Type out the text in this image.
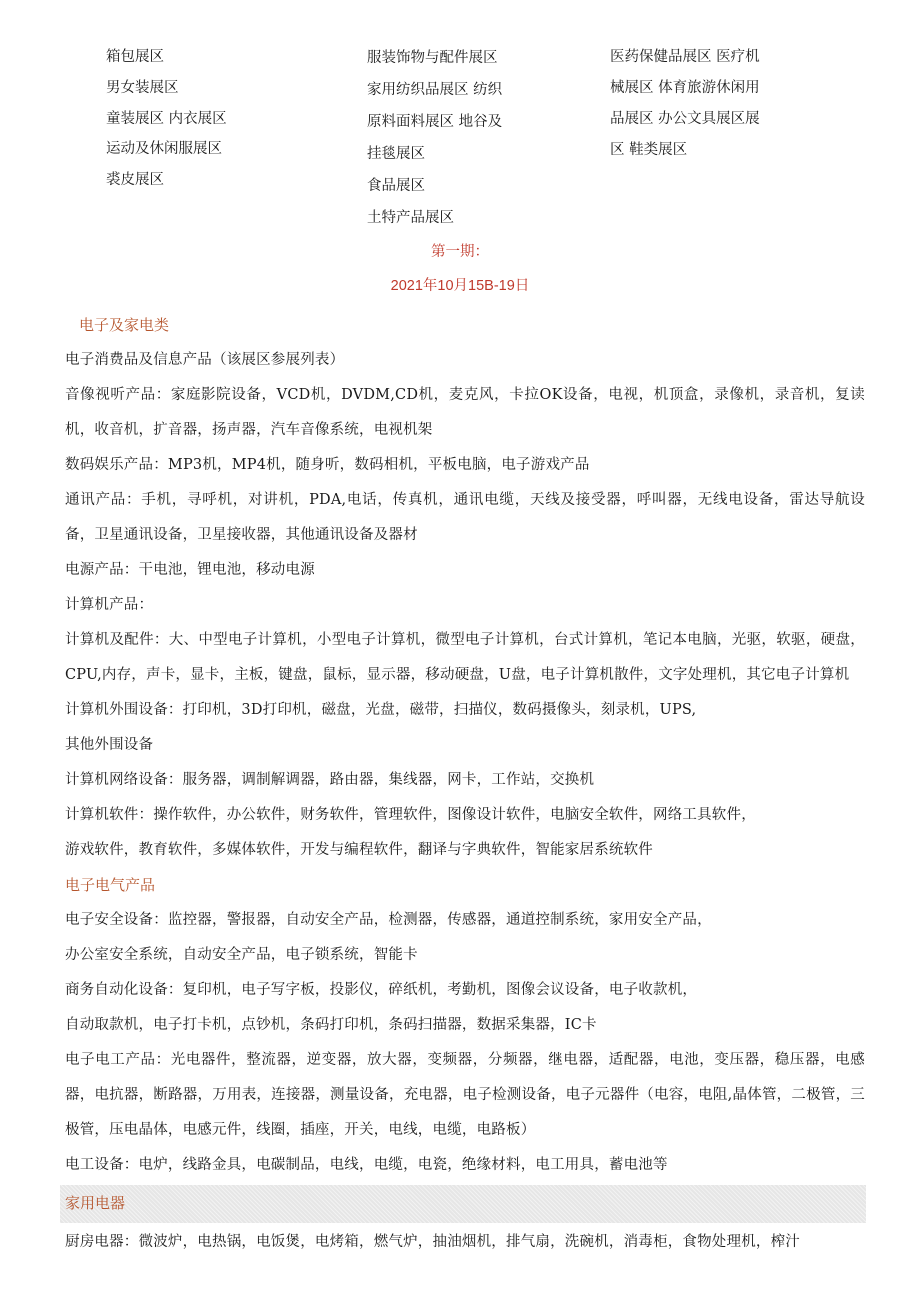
箱包展区
男女装展区
童装展区 内衣展区
运动及休闲服展区
裘皮展区
服装饰物与配件展区
家用纺织品展区 纺织
原料面料展区 地谷及
挂毯展区
食品展区
土特产品展区
医药保健品展区 医疗机
械展区 体育旅游休闲用
品展区 办公文具展区展
区 鞋类展区
第一期：
2021年10月15B-19日
电子及家电类
电子消费品及信息产品（该展区参展列表）
音像视听产品：家庭影院设备，VCD机，DVDM,CD机，麦克风，卡拉OK设备，电视，机顶盒，录像机，录音机，复读机，收音机，扩音器，扬声器，汽车音像系统，电视机架
数码娱乐产品：MP3机，MP4机，随身听，数码相机，平板电脑，电子游戏产品
通讯产品：手机，寻呼机，对讲机，PDA,电话，传真机，通讯电缆，天线及接受器，呼叫器，无线电设备，雷达导航设备，卫星通讯设备，卫星接收器，其他通讯设备及器材
电源产品：干电池，锂电池，移动电源
计算机产品：
计算机及配件：大、中型电子计算机，小型电子计算机，微型电子计算机，台式计算机，笔记本电脑，光驱，软驱，硬盘，CPU,内存，声卡，显卡，主板，键盘，鼠标，显示器，移动硬盘，U盘，电子计算机散件，文字处理机，其它电子计算机
计算机外围设备：打印机，3D打印机，磁盘，光盘，磁带，扫描仪，数码摄像头，刻录机，UPS,
其他外围设备
计算机网络设备：服务器，调制解调器，路由器，集线器，网卡，工作站，交换机
计算机软件：操作软件，办公软件，财务软件，管理软件，图像设计软件，电脑安全软件，网络工具软件，
游戏软件，教育软件，多媒体软件，开发与编程软件，翻译与字典软件，智能家居系统软件
电子电气产品
电子安全设备：监控器，警报器，自动安全产品，检测器，传感器，通道控制系统，家用安全产品，
办公室安全系统，自动安全产品，电子锁系统，智能卡
商务自动化设备：复印机，电子写字板，投影仪，碎纸机，考勤机，图像会议设备，电子收款机，
自动取款机，电子打卡机，点钞机，条码打印机，条码扫描器，数据采集器，IC卡
电子电工产品：光电器件，整流器，逆变器，放大器，变频器，分频器，继电器，适配器，电池，变压器，稳压器，电感器，电抗器，断路器，万用表，连接器，测量设备，充电器，电子检测设备，电子元器件（电容，电阻,晶体管，二极管，三极管，压电晶体，电感元件，线圈，插座，开关，电线，电缆，电路板）
电工设备：电炉，线路金具，电碳制品，电线，电缆，电瓷，绝缘材料，电工用具，蓄电池等
家用电器
厨房电器：微波炉，电热锅，电饭煲，电烤箱，燃气炉，抽油烟机，排气扇，洗碗机，消毒柜，食物处理机，榨汁
